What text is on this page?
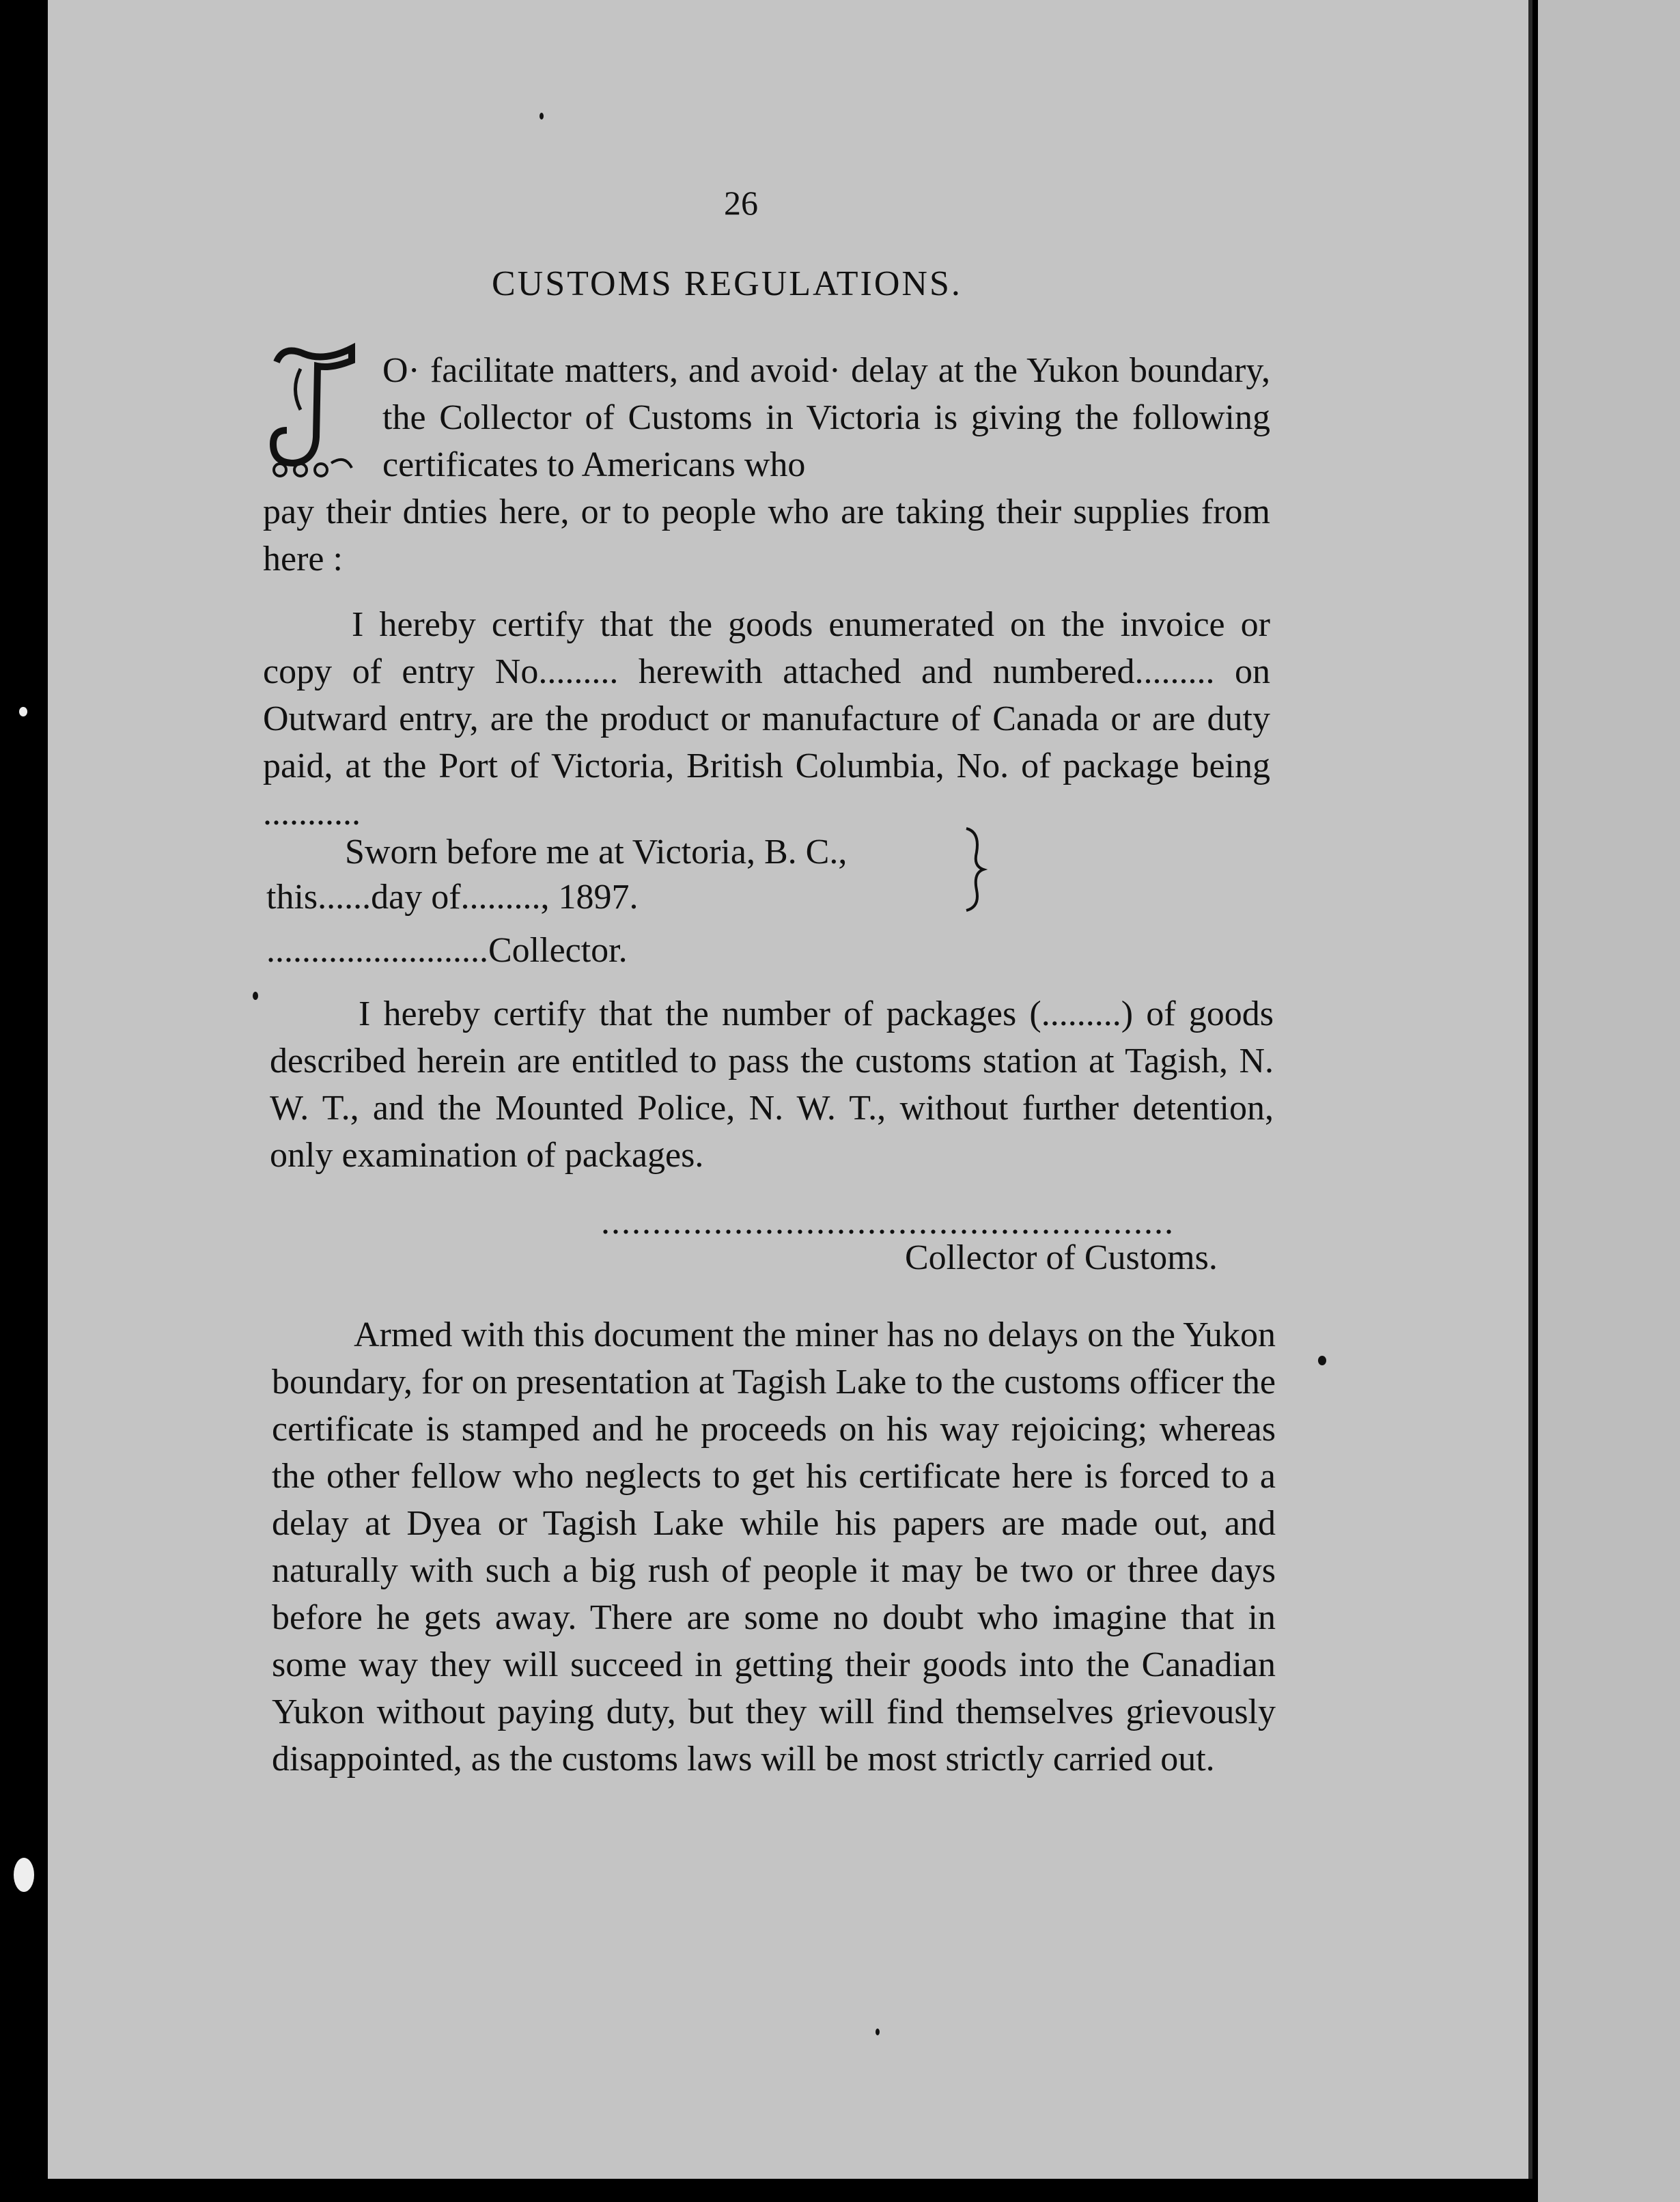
26
CUSTOMS REGULATIONS.
O· facilitate matters, and avoid· delay at the Yukon boundary, the Collector of Customs in Victoria is giving the following certificates to Americans who
pay their dnties here, or to people who are taking their supplies from here :
I hereby certify that the goods enumerated on the invoice or copy of entry No......... herewith attached and numbered......... on Outward entry, are the product or manufacture of Canada or are duty paid, at the Port of Victoria, British Columbia, No. of package being ...........
Sworn before me at Victoria, B. C.,
this......day of........., 1897.
.........................Collector.
I hereby certify that the number of packages (.........) of goods described herein are entitled to pass the customs station at Tagish, N. W. T., and the Mounted Police, N. W. T., without further detention, only examination of packages.
........................................................
Collector of Customs.
Armed with this document the miner has no delays on the Yukon boundary, for on presentation at Tagish Lake to the customs officer the certificate is stamped and he proceeds on his way rejoicing; whereas the other fellow who neglects to get his certificate here is forced to a delay at Dyea or Tagish Lake while his papers are made out, and naturally with such a big rush of people it may be two or three days before he gets away. There are some no doubt who imagine that in some way they will succeed in getting their goods into the Canadian Yukon without paying duty, but they will find themselves grievously disappointed, as the customs laws will be most strictly carried out.
